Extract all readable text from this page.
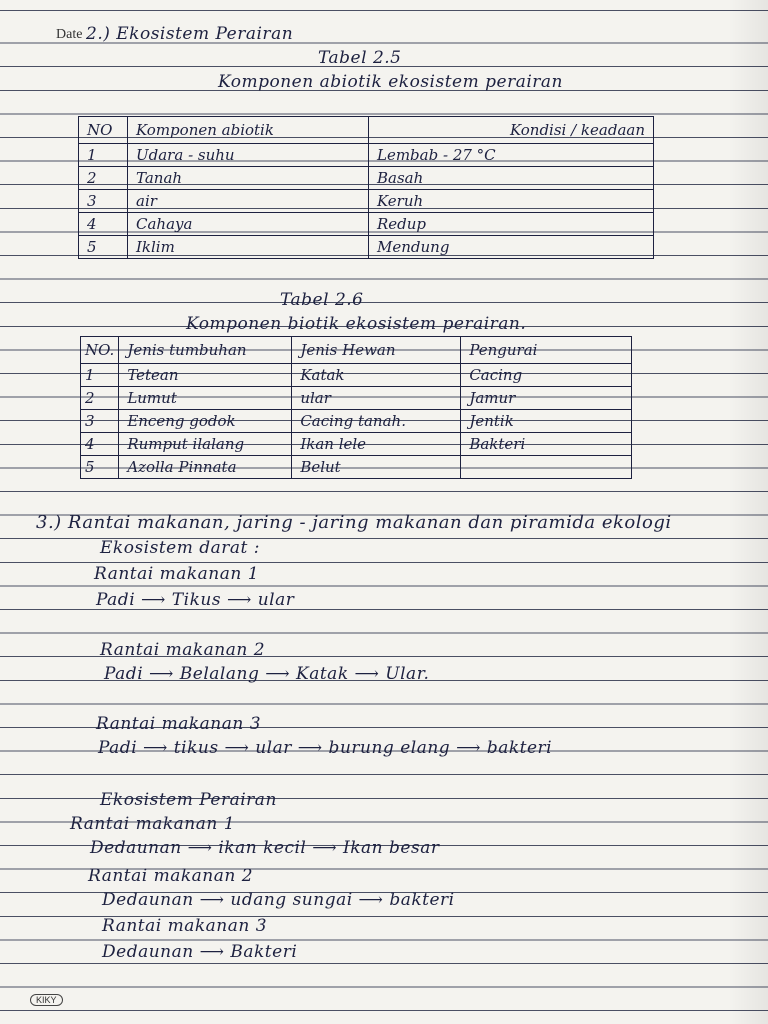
Date 2.) Ekosistem Perairan
Tabel 2.5
Komponen abiotik ekosistem perairan
NO	Komponen abiotik	Kondisi / keadaan
1	Udara - suhu	Lembab - 27 °C
2	Tanah	Basah
3	air	Keruh
4	Cahaya	Redup
5	Iklim	Mendung
Tabel 2.6
Komponen biotik ekosistem perairan.
NO.	Jenis tumbuhan	Jenis Hewan	Pengurai
1	Tetean	Katak	Cacing
2	Lumut	ular	Jamur
3	Enceng godok	Cacing tanah.	Jentik
4	Rumput ilalang	Ikan lele	Bakteri
5	Azolla Pinnata	Belut	
3.) Rantai makanan, jaring - jaring makanan dan piramida ekologi
Ekosistem darat :
Rantai makanan 1
Padi ⟶ Tikus ⟶ ular
Rantai makanan 2
Padi ⟶ Belalang ⟶ Katak ⟶ Ular.
Rantai makanan 3
Padi ⟶ tikus ⟶ ular ⟶ burung elang ⟶ bakteri
Ekosistem Perairan
Rantai makanan 1
Dedaunan ⟶ ikan kecil ⟶ Ikan besar
Rantai makanan 2
Dedaunan ⟶ udang sungai ⟶ bakteri
Rantai makanan 3
Dedaunan ⟶ Bakteri
KIKY
